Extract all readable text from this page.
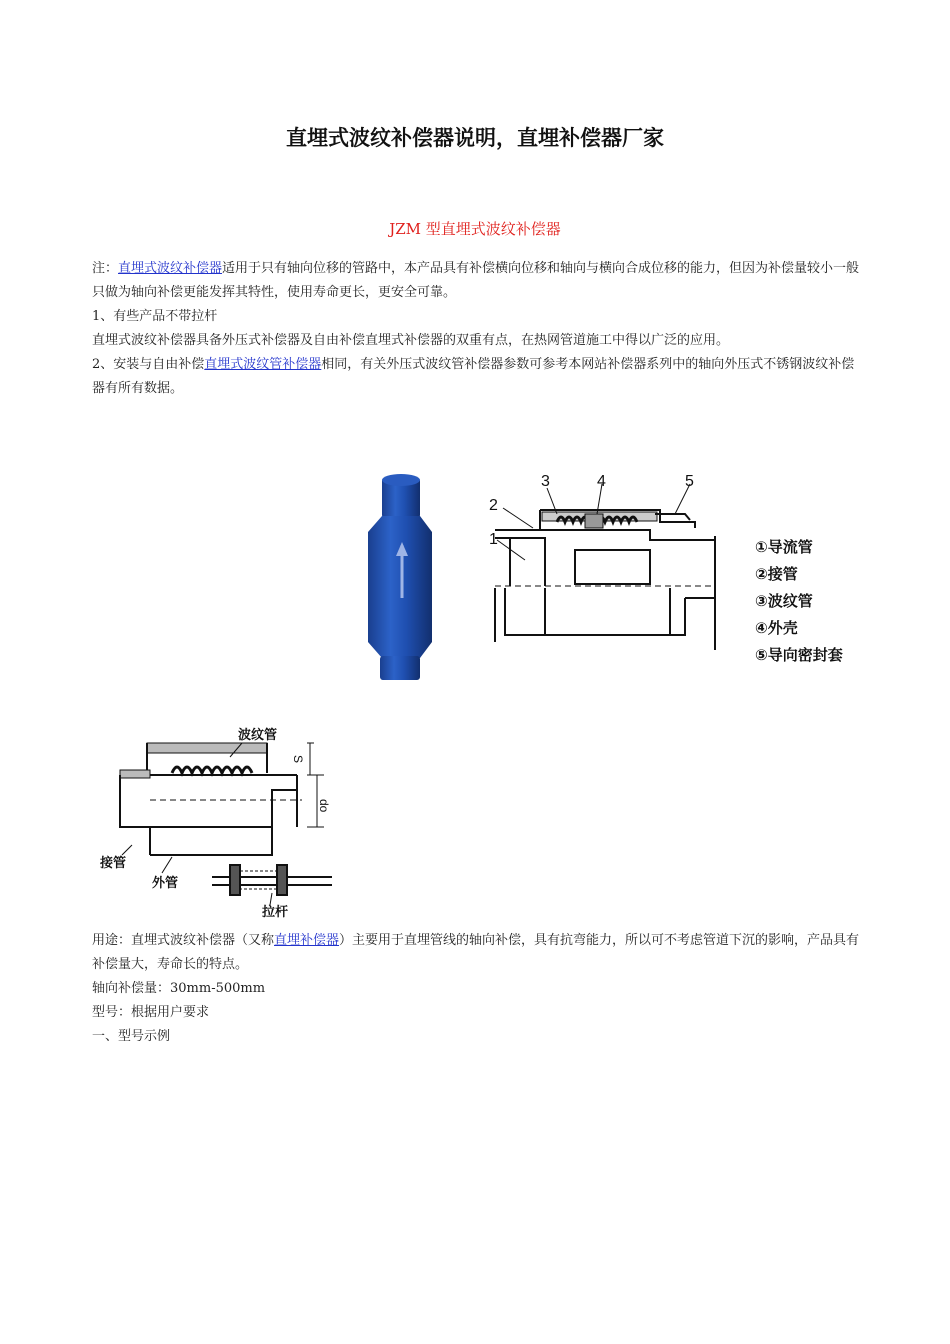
直埋式波纹补偿器说明，直埋补偿器厂家
JZM 型直埋式波纹补偿器
注：直埋式波纹补偿器适用于只有轴向位移的管路中，本产品具有补偿横向位移和轴向与横向合成位移的能力，但因为补偿量较小一般只做为轴向补偿更能发挥其特性，使用寿命更长，更安全可靠。
1、有些产品不带拉杆
直埋式波纹补偿器具备外压式补偿器及自由补偿直埋式补偿器的双重有点，在热网管道施工中得以广泛的应用。
2、安装与自由补偿直埋式波纹管补偿器相同，有关外压式波纹管补偿器参数可参考本网站补偿器系列中的轴向外压式不锈钢波纹补偿器有所有数据。
2
1
3	4	5
①导流管
②接管
③波纹管
④外壳
⑤导向密封套
波纹管
接管
外管
拉杆
S
do
用途：直埋式波纹补偿器（又称直埋补偿器）主要用于直埋管线的轴向补偿，具有抗弯能力，所以可不考虑管道下沉的影响，产品具有补偿量大，寿命长的特点。
轴向补偿量：30mm-500mm
型号：根据用户要求
一、型号示例
